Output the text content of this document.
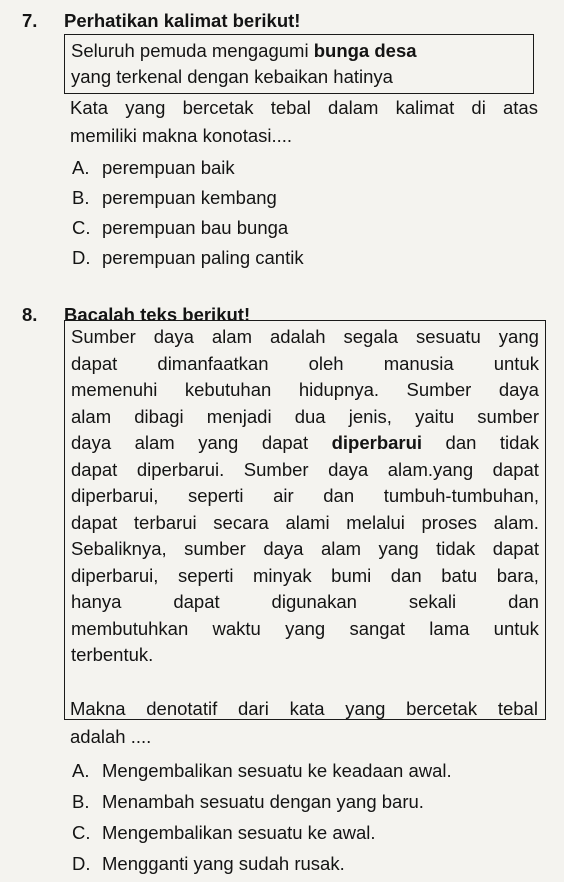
7. Perhatikan kalimat berikut!
Seluruh pemuda mengagumi bunga desa
yang terkenal dengan kebaikan hatinya
Kata yang bercetak tebal dalam kalimat di atas
memiliki makna konotasi....
A. perempuan baik
B. perempuan kembang
C. perempuan bau bunga
D. perempuan paling cantik
8. Bacalah teks berikut!
Sumber daya alam adalah segala sesuatu yang
dapat dimanfaatkan oleh manusia untuk
memenuhi kebutuhan hidupnya. Sumber daya
alam dibagi menjadi dua jenis, yaitu sumber
daya alam yang dapat diperbarui dan tidak
dapat diperbarui. Sumber daya alam.yang dapat
diperbarui, seperti air dan tumbuh-tumbuhan,
dapat terbarui secara alami melalui proses alam.
Sebaliknya, sumber daya alam yang tidak dapat
diperbarui, seperti minyak bumi dan batu bara,
hanya	dapat	digunakan	sekali	dan
membutuhkan waktu yang sangat lama untuk
terbentuk.
Makna denotatif dari kata yang bercetak tebal
adalah ....
A. Mengembalikan sesuatu ke keadaan awal.
B. Menambah sesuatu dengan yang baru.
C. Mengembalikan sesuatu ke awal.
D. Mengganti yang sudah rusak.
